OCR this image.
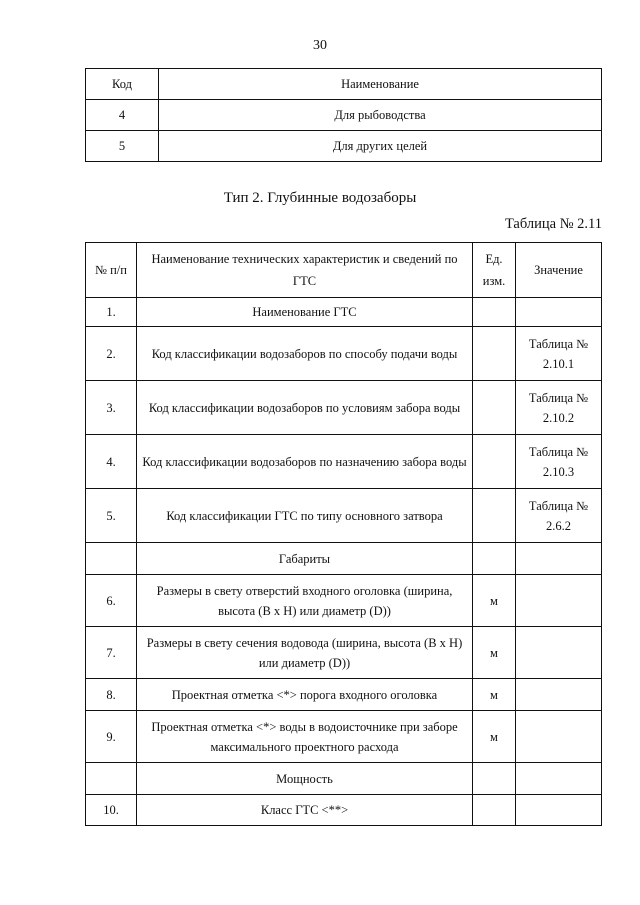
30
Код	Наименование
4	Для рыбоводства
5	Для других целей
Тип 2. Глубинные водозаборы
Таблица № 2.11
№ п/п	Наименование технических характеристик и сведений по ГТС	Ед. изм.	Значение
1.	Наименование ГТС		
2.	Код классификации водозаборов по способу подачи воды		Таблица № 2.10.1
3.	Код классификации водозаборов по условиям забора воды		Таблица № 2.10.2
4.	Код классификации водозаборов по назначению забора воды		Таблица № 2.10.3
5.	Код классификации ГТС по типу основного затвора		Таблица № 2.6.2
	Габариты		
6.	Размеры в свету отверстий входного оголовка (ширина, высота (В x Н) или диаметр (D))	м	
7.	Размеры в свету сечения водовода (ширина, высота (В x Н) или диаметр (D))	м	
8.	Проектная отметка <*> порога входного оголовка	м	
9.	Проектная отметка <*> воды в водоисточнике при заборе максимального проектного расхода	м	
	Мощность		
10.	Класс ГТС <**>		
